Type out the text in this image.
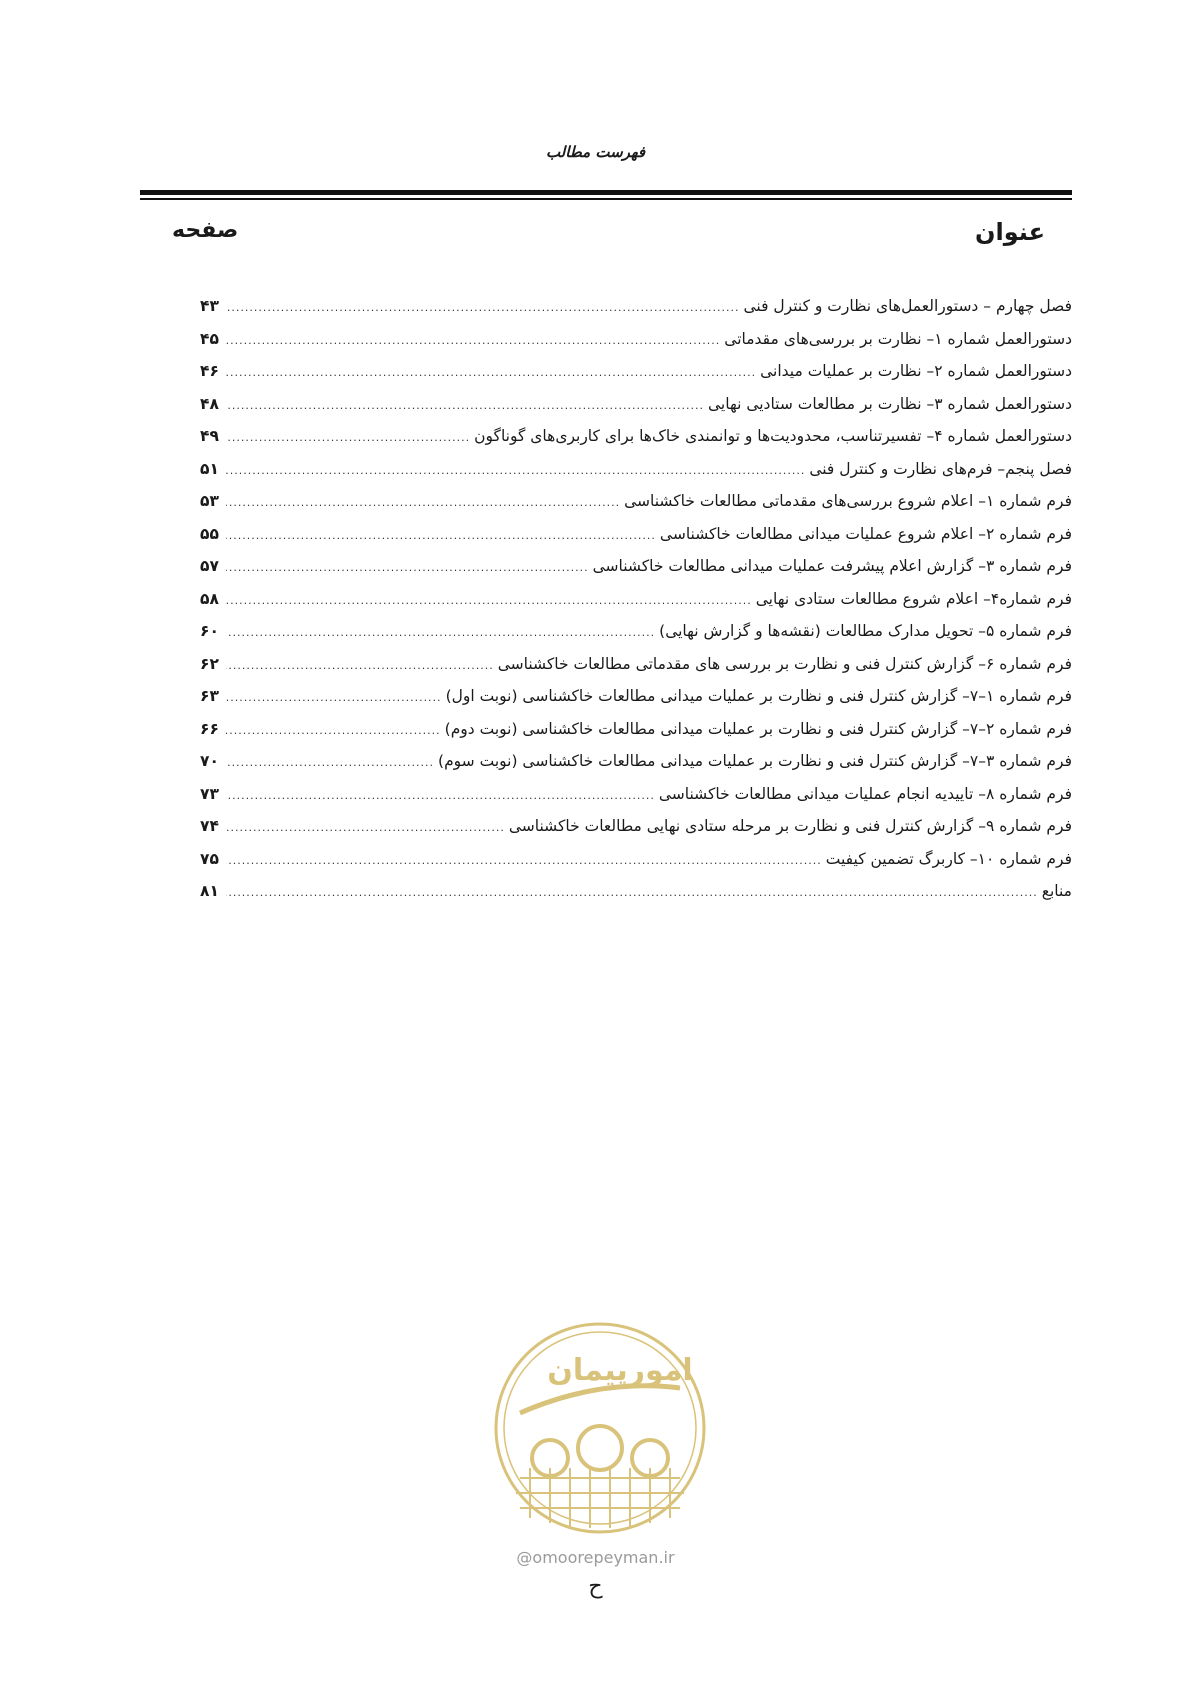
فهرست مطالب
عنوان
صفحه
فصل چهارم – دستورالعمل‌های نظارت و کنترل فنی
.....
۴۳
دستورالعمل شماره ۱– نظارت بر بررسی‌های مقدماتی
.....
۴۵
دستورالعمل شماره ۲– نظارت بر عملیات میدانی
.....
۴۶
دستورالعمل شماره ۳– نظارت بر مطالعات ستادیی نهایی
.....
۴۸
دستورالعمل شماره ۴– تفسیرتناسب، محدودیت‌ها و توانمندی خاک‌ها برای کاربری‌های گوناگون
.....
۴۹
فصل پنجم– فرم‌های نظارت و کنترل فنی
.....
۵۱
فرم شماره ۱– اعلام شروع بررسی‌های مقدماتی مطالعات خاکشناسی
.....
۵۳
فرم شماره ۲– اعلام شروع عملیات میدانی مطالعات خاکشناسی
.....
۵۵
فرم شماره ۳– گزارش اعلام پیشرفت عملیات میدانی مطالعات خاکشناسی
.....
۵۷
فرم شماره۴– اعلام شروع مطالعات ستادی نهایی
.....
۵۸
فرم شماره ۵– تحویل مدارک مطالعات (نقشه‌ها و گزارش نهایی)
.....
۶۰
فرم شماره ۶– گزارش کنترل فنی و نظارت بر بررسی های مقدماتی مطالعات خاکشناسی
.....
۶۲
فرم شماره ۱–۷– گزارش کنترل فنی و نظارت بر عملیات میدانی مطالعات خاکشناسی (نوبت اول)
.....
۶۳
فرم شماره ۲–۷– گزارش کنترل فنی و نظارت بر عملیات میدانی مطالعات خاکشناسی (نوبت دوم)
.....
۶۶
فرم شماره ۳–۷– گزارش کنترل فنی و نظارت بر عملیات میدانی مطالعات خاکشناسی (نوبت سوم)
.....
۷۰
فرم شماره ۸– تاییدیه انجام عملیات میدانی مطالعات خاکشناسی
.....
۷۳
فرم شماره ۹– گزارش کنترل فنی و نظارت بر مرحله ستادی نهایی مطالعات خاکشناسی
.....
۷۴
فرم شماره ۱۰– کاربرگ تضمین کیفیت
.....
۷۵
منابع
.....
۸۱
امورپیمان
@omoorepeyman.ir
ح
